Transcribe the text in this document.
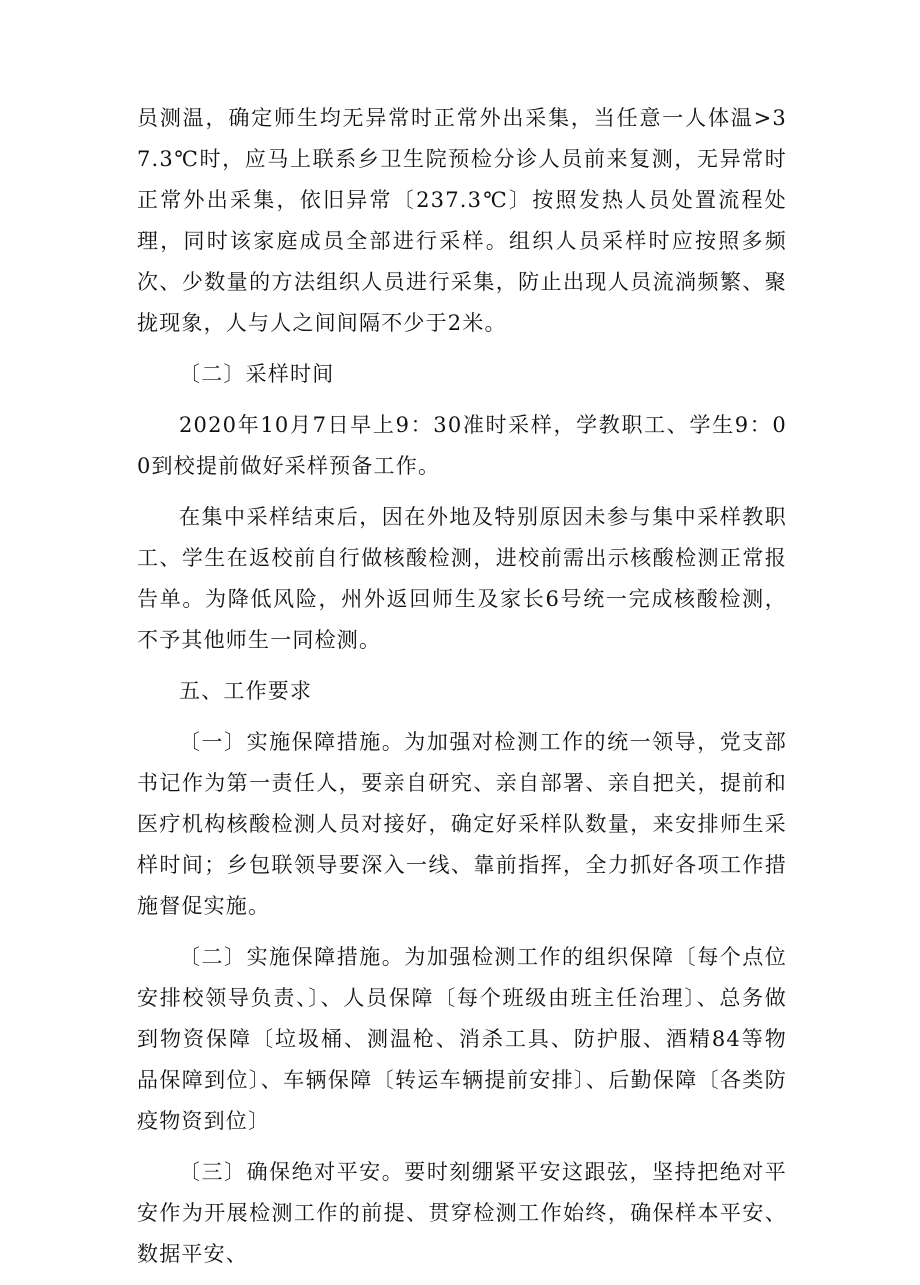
员测温，确定师生均无异常时正常外出采集，当任意一人体温>37.3℃时，应马上联系乡卫生院预检分诊人员前来复测，无异常时正常外出采集，依旧异常〔237.3℃〕按照发热人员处置流程处理，同时该家庭成员全部进行采样。组织人员采样时应按照多频次、少数量的方法组织人员进行采集，防止出现人员流淌频繁、聚拢现象，人与人之间间隔不少于2米。

〔二〕采样时间

2020年10月7日早上9：30准时采样，学教职工、学生9：00到校提前做好采样预备工作。

在集中采样结束后，因在外地及特别原因未参与集中采样教职工、学生在返校前自行做核酸检测，进校前需出示核酸检测正常报告单。为降低风险，州外返回师生及家长6号统一完成核酸检测，不予其他师生一同检测。

五、工作要求

〔一〕实施保障措施。为加强对检测工作的统一领导，党支部书记作为第一责任人，要亲自研究、亲自部署、亲自把关，提前和医疗机构核酸检测人员对接好，确定好采样队数量，来安排师生采样时间；乡包联领导要深入一线、靠前指挥，全力抓好各项工作措施督促实施。

〔二〕实施保障措施。为加强检测工作的组织保障〔每个点位安排校领导负责、〕、人员保障〔每个班级由班主任治理〕、总务做到物资保障〔垃圾桶、测温枪、消杀工具、防护服、酒精84等物品保障到位〕、车辆保障〔转运车辆提前安排〕、后勤保障〔各类防疫物资到位〕

〔三〕确保绝对平安。要时刻绷紧平安这跟弦，坚持把绝对平安作为开展检测工作的前提、贯穿检测工作始终，确保样本平安、数据平安、
